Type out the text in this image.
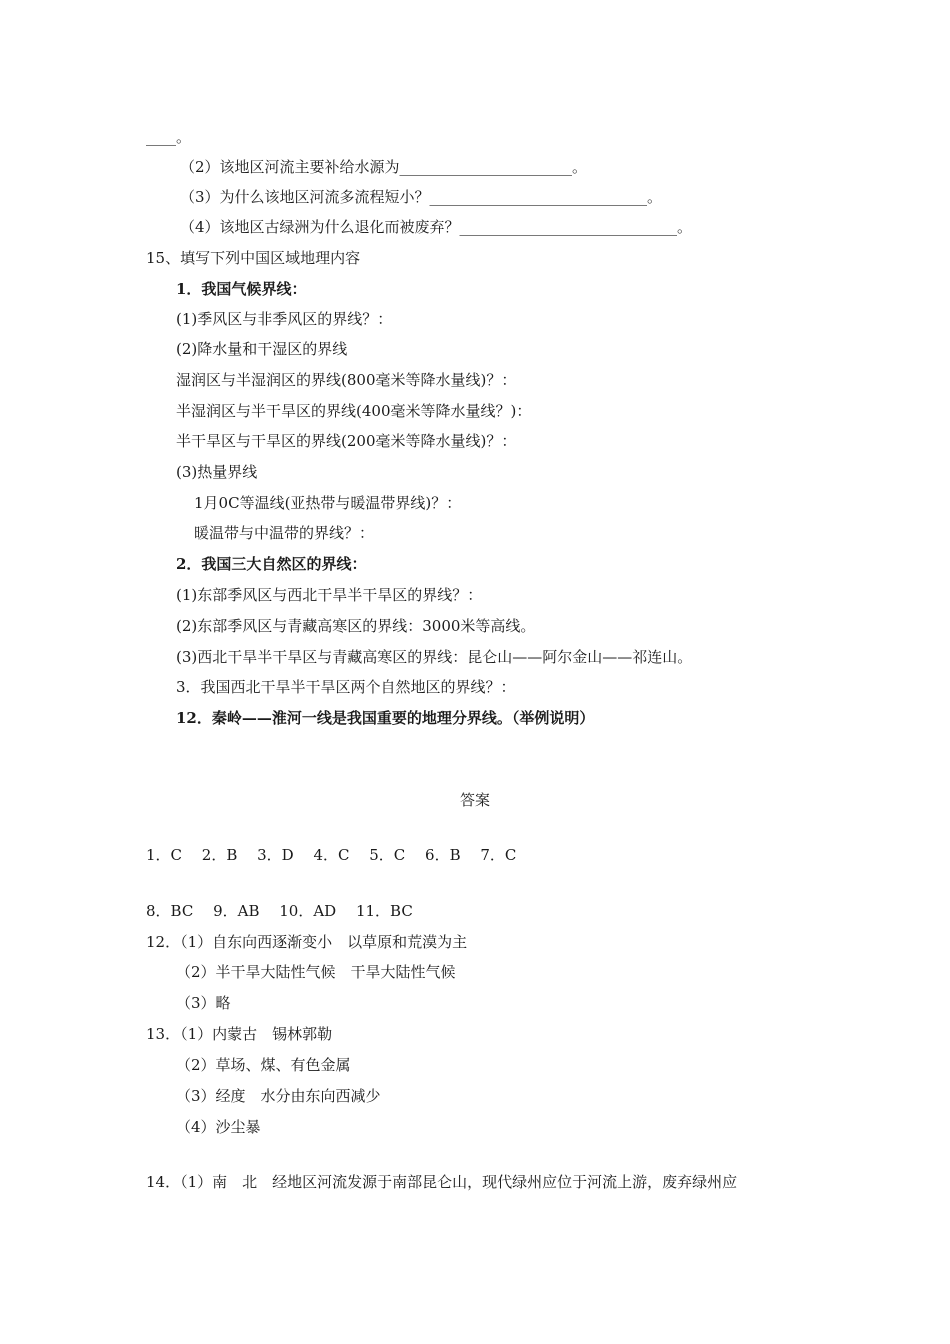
____。
（2）该地区河流主要补给水源为_______________________。
（3）为什么该地区河流多流程短小？_____________________________。
（4）该地区古绿洲为什么退化而被废弃？_____________________________。
15、填写下列中国区域地理内容
1．我国气候界线：
(1)季风区与非季风区的界线？：
(2)降水量和干湿区的界线
湿润区与半湿润区的界线(800毫米等降水量线)？：
半湿润区与半干旱区的界线(400毫米等降水量线？)：
半干旱区与干旱区的界线(200毫米等降水量线)？：
(3)热量界线
1月0C等温线(亚热带与暖温带界线)？：
暖温带与中温带的界线？：
2．我国三大自然区的界线：
(1)东部季风区与西北干旱半干旱区的界线？：
(2)东部季风区与青藏高寒区的界线：3000米等高线。
(3)西北干旱半干旱区与青藏高寒区的界线：昆仑山——阿尔金山——祁连山。
3．我国西北干旱半干旱区两个自然地区的界线？：
12．秦岭——淮河一线是我国重要的地理分界线。（举例说明）
答案
1．C　 2．B　 3．D　 4．C　 5．C　 6．B　 7．C
8．BC　 9．AB　 10．AD　 11．BC
12．（1）自东向西逐渐变小　以草原和荒漠为主
（2）半干旱大陆性气候　干旱大陆性气候
（3）略
13．（1）内蒙古　锡林郭勒
（2）草场、煤、有色金属
（3）经度　水分由东向西减少
（4）沙尘暴
14．（1）南　北　经地区河流发源于南部昆仑山，现代绿州应位于河流上游，废弃绿州应
